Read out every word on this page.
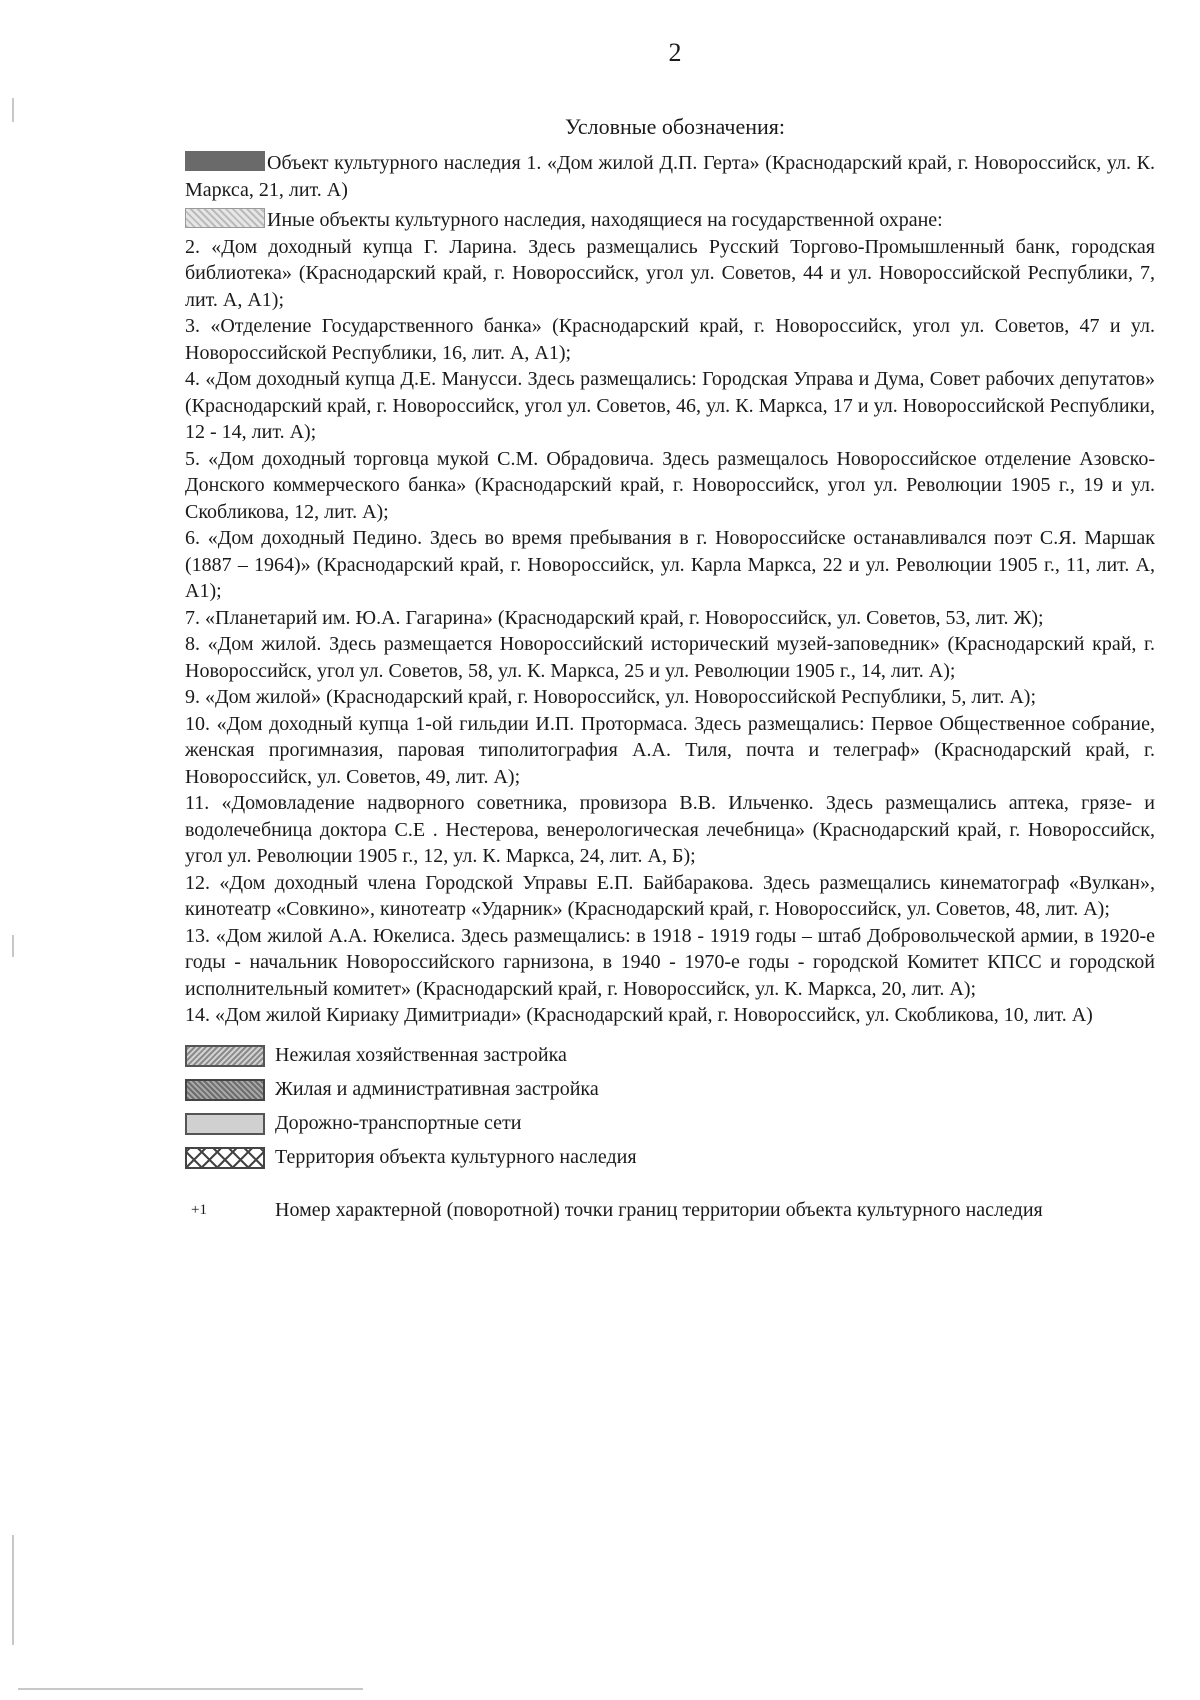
2
Условные обозначения:

Объект культурного наследия 1. «Дом жилой Д.П. Герта» (Краснодарский край, г. Новороссийск, ул. К. Маркса, 21, лит. А)

Иные объекты культурного наследия, находящиеся на государственной охране:

2. «Дом доходный купца Г. Ларина. Здесь размещались Русский Торгово-Промышленный банк, городская библиотека» (Краснодарский край, г. Новороссийск, угол ул. Советов, 44 и ул. Новороссийской Республики, 7, лит. А, А1);

3. «Отделение Государственного банка» (Краснодарский край, г. Новороссийск, угол ул. Советов, 47 и ул. Новороссийской Республики, 16, лит. А, А1);

4. «Дом доходный купца Д.Е. Манусси. Здесь размещались: Городская Управа и Дума, Совет рабочих депутатов» (Краснодарский край, г. Новороссийск, угол ул. Советов, 46, ул. К. Маркса, 17 и ул. Новороссийской Республики, 12 - 14, лит. А);

5. «Дом доходный торговца мукой С.М. Обрадовича. Здесь размещалось Новороссийское отделение Азовско-Донского коммерческого банка» (Краснодарский край, г. Новороссийск, угол ул. Революции 1905 г., 19 и ул. Скобликова, 12, лит. А);

6. «Дом доходный Педино. Здесь во время пребывания в г. Новороссийске останавливался поэт С.Я. Маршак (1887 – 1964)» (Краснодарский край, г. Новороссийск, ул. Карла Маркса, 22 и ул. Революции 1905 г., 11, лит. А, А1);

7. «Планетарий им. Ю.А. Гагарина» (Краснодарский край, г. Новороссийск, ул. Советов, 53, лит. Ж);

8. «Дом жилой. Здесь размещается Новороссийский исторический музей-заповедник» (Краснодарский край, г. Новороссийск, угол ул. Советов, 58, ул. К. Маркса, 25 и ул. Революции 1905 г., 14, лит. А);

9. «Дом жилой» (Краснодарский край, г. Новороссийск, ул. Новороссийской Республики, 5, лит. А);

10. «Дом доходный купца 1-ой гильдии И.П. Протормаса. Здесь размещались: Первое Общественное собрание, женская прогимназия, паровая типолитография А.А. Тиля, почта и телеграф» (Краснодарский край, г. Новороссийск, ул. Советов, 49, лит. А);

11. «Домовладение надворного советника, провизора В.В. Ильченко. Здесь размещались аптека, грязе- и водолечебница доктора С.Е . Нестерова, венерологическая лечебница» (Краснодарский край, г. Новороссийск, угол ул. Революции 1905 г., 12, ул. К. Маркса, 24, лит. А, Б);

12. «Дом доходный члена Городской Управы Е.П. Байбаракова. Здесь размещались кинематограф «Вулкан», кинотеатр «Совкино», кинотеатр «Ударник» (Краснодарский край, г. Новороссийск, ул. Советов, 48, лит. А);

13. «Дом жилой А.А. Юкелиса. Здесь размещались: в 1918 - 1919 годы – штаб Добровольческой армии, в 1920-е годы - начальник Новороссийского гарнизона, в 1940 - 1970-е годы - городской Комитет КПСС и городской исполнительный комитет» (Краснодарский край, г. Новороссийск, ул. К. Маркса, 20, лит. А);

14. «Дом жилой Кириаку Димитриади» (Краснодарский край, г. Новороссийск, ул. Скобликова, 10, лит. А)

Нежилая хозяйственная застройка
Жилая и административная застройка
Дорожно-транспортные сети
Территория объекта культурного наследия
+1	Номер характерной (поворотной) точки границ территории объекта культурного наследия
